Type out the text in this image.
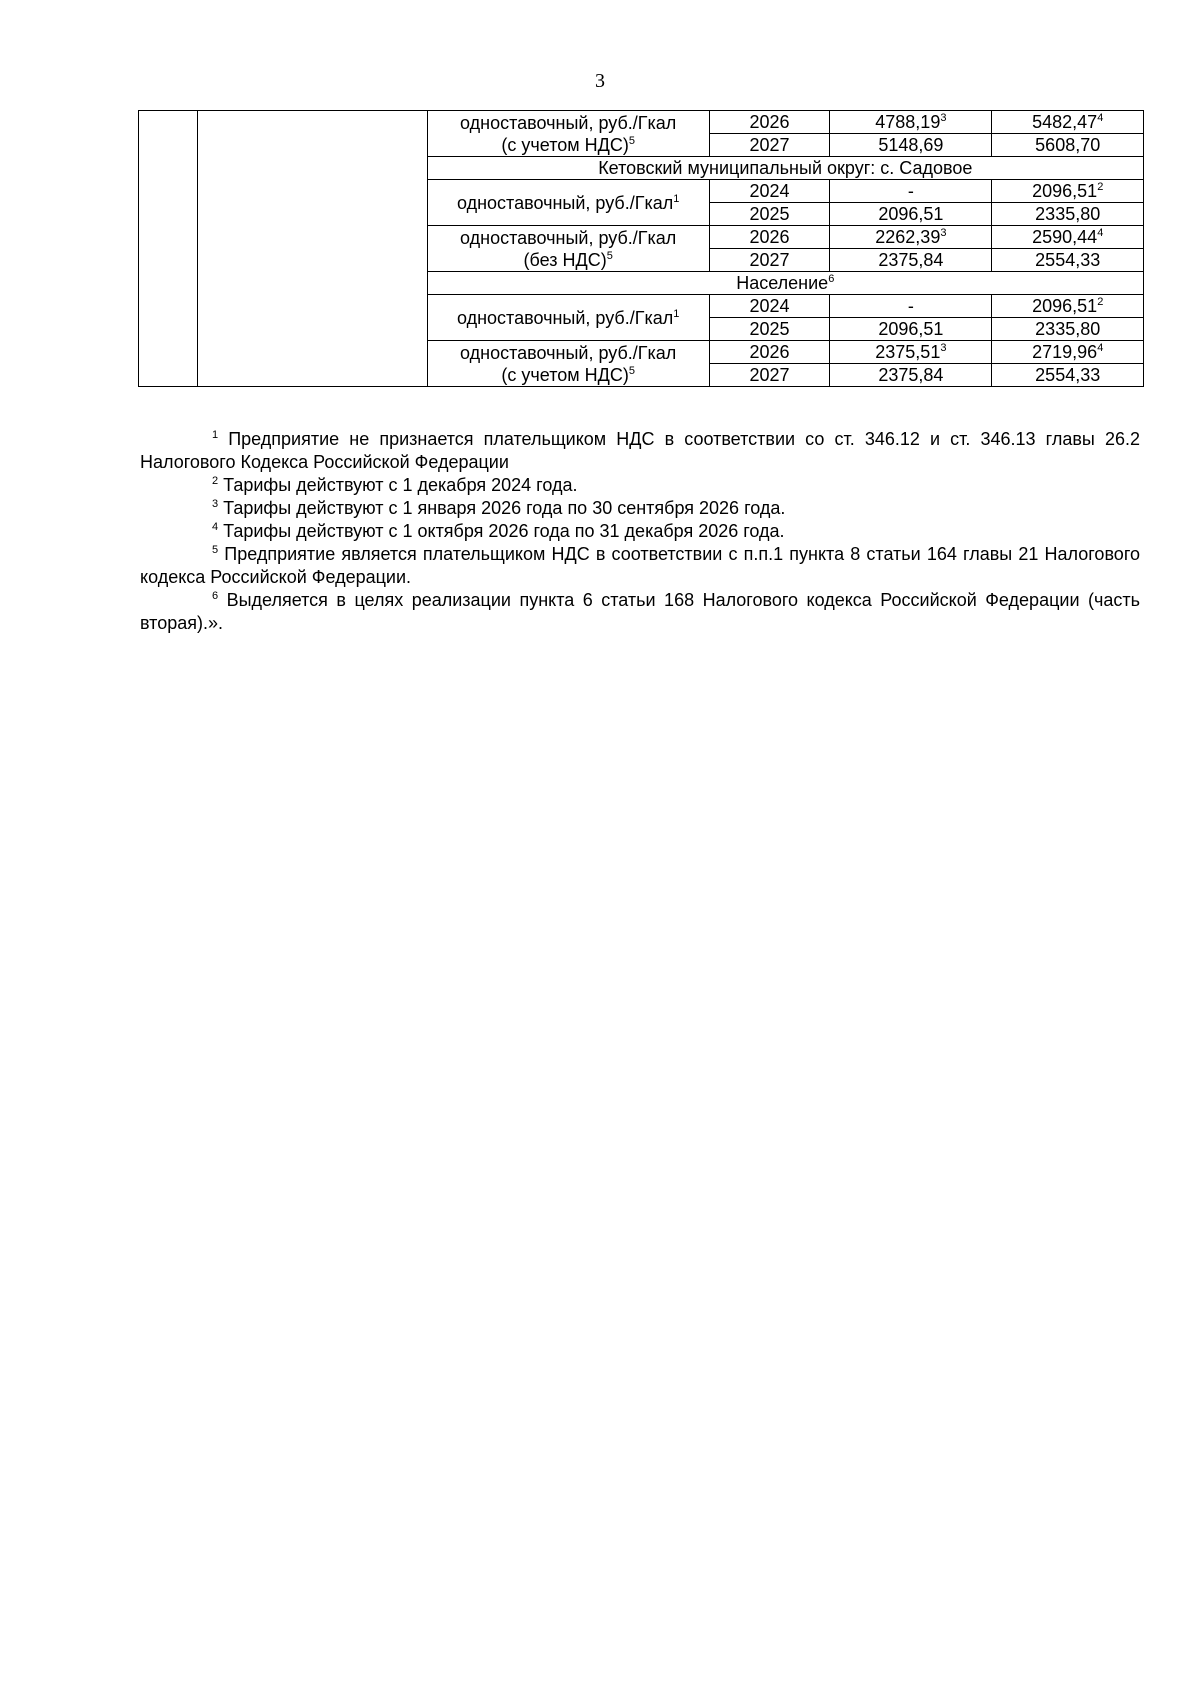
3
		одноставочный, руб./Гкал
(с учетом НДС)$^5$	2026	4788,19$^3$	5482,47$^4$
			2027	5148,69	5608,70
		Кетовский муниципальный округ: с. Садовое			
		одноставочный, руб./Гкал$^1$	2024	-	2096,51$^2$
			2025	2096,51	2335,80
		одноставочный, руб./Гкал
(без НДС)$^5$	2026	2262,39$^3$	2590,44$^4$
			2027	2375,84	2554,33
		Население$^6$
		одноставочный, руб./Гкал$^1$	2024	-	2096,51$^2$
			2025	2096,51	2335,80
		одноставочный, руб./Гкал
(с учетом НДС)$^5$	2026	2375,51$^3$	2719,96$^4$
			2027	2375,84	2554,33

$^1$ Предприятие не признается плательщиком НДС в соответствии со ст. 346.12 и ст. 346.13 главы 26.2 Налогового Кодекса Российской Федерации

$^2$ Тарифы действуют с 1 декабря 2024 года.

$^3$ Тарифы действуют с 1 января 2026 года по 30 сентября 2026 года.

$^4$ Тарифы действуют с 1 октября 2026 года по 31 декабря 2026 года.

$^5$ Предприятие является плательщиком НДС в соответствии с п.п.1 пункта 8 статьи 164 главы 21 Налогового кодекса Российской Федерации.

$^6$ Выделяется в целях реализации пункта 6 статьи 168 Налогового кодекса Российской Федерации (часть вторая).».
